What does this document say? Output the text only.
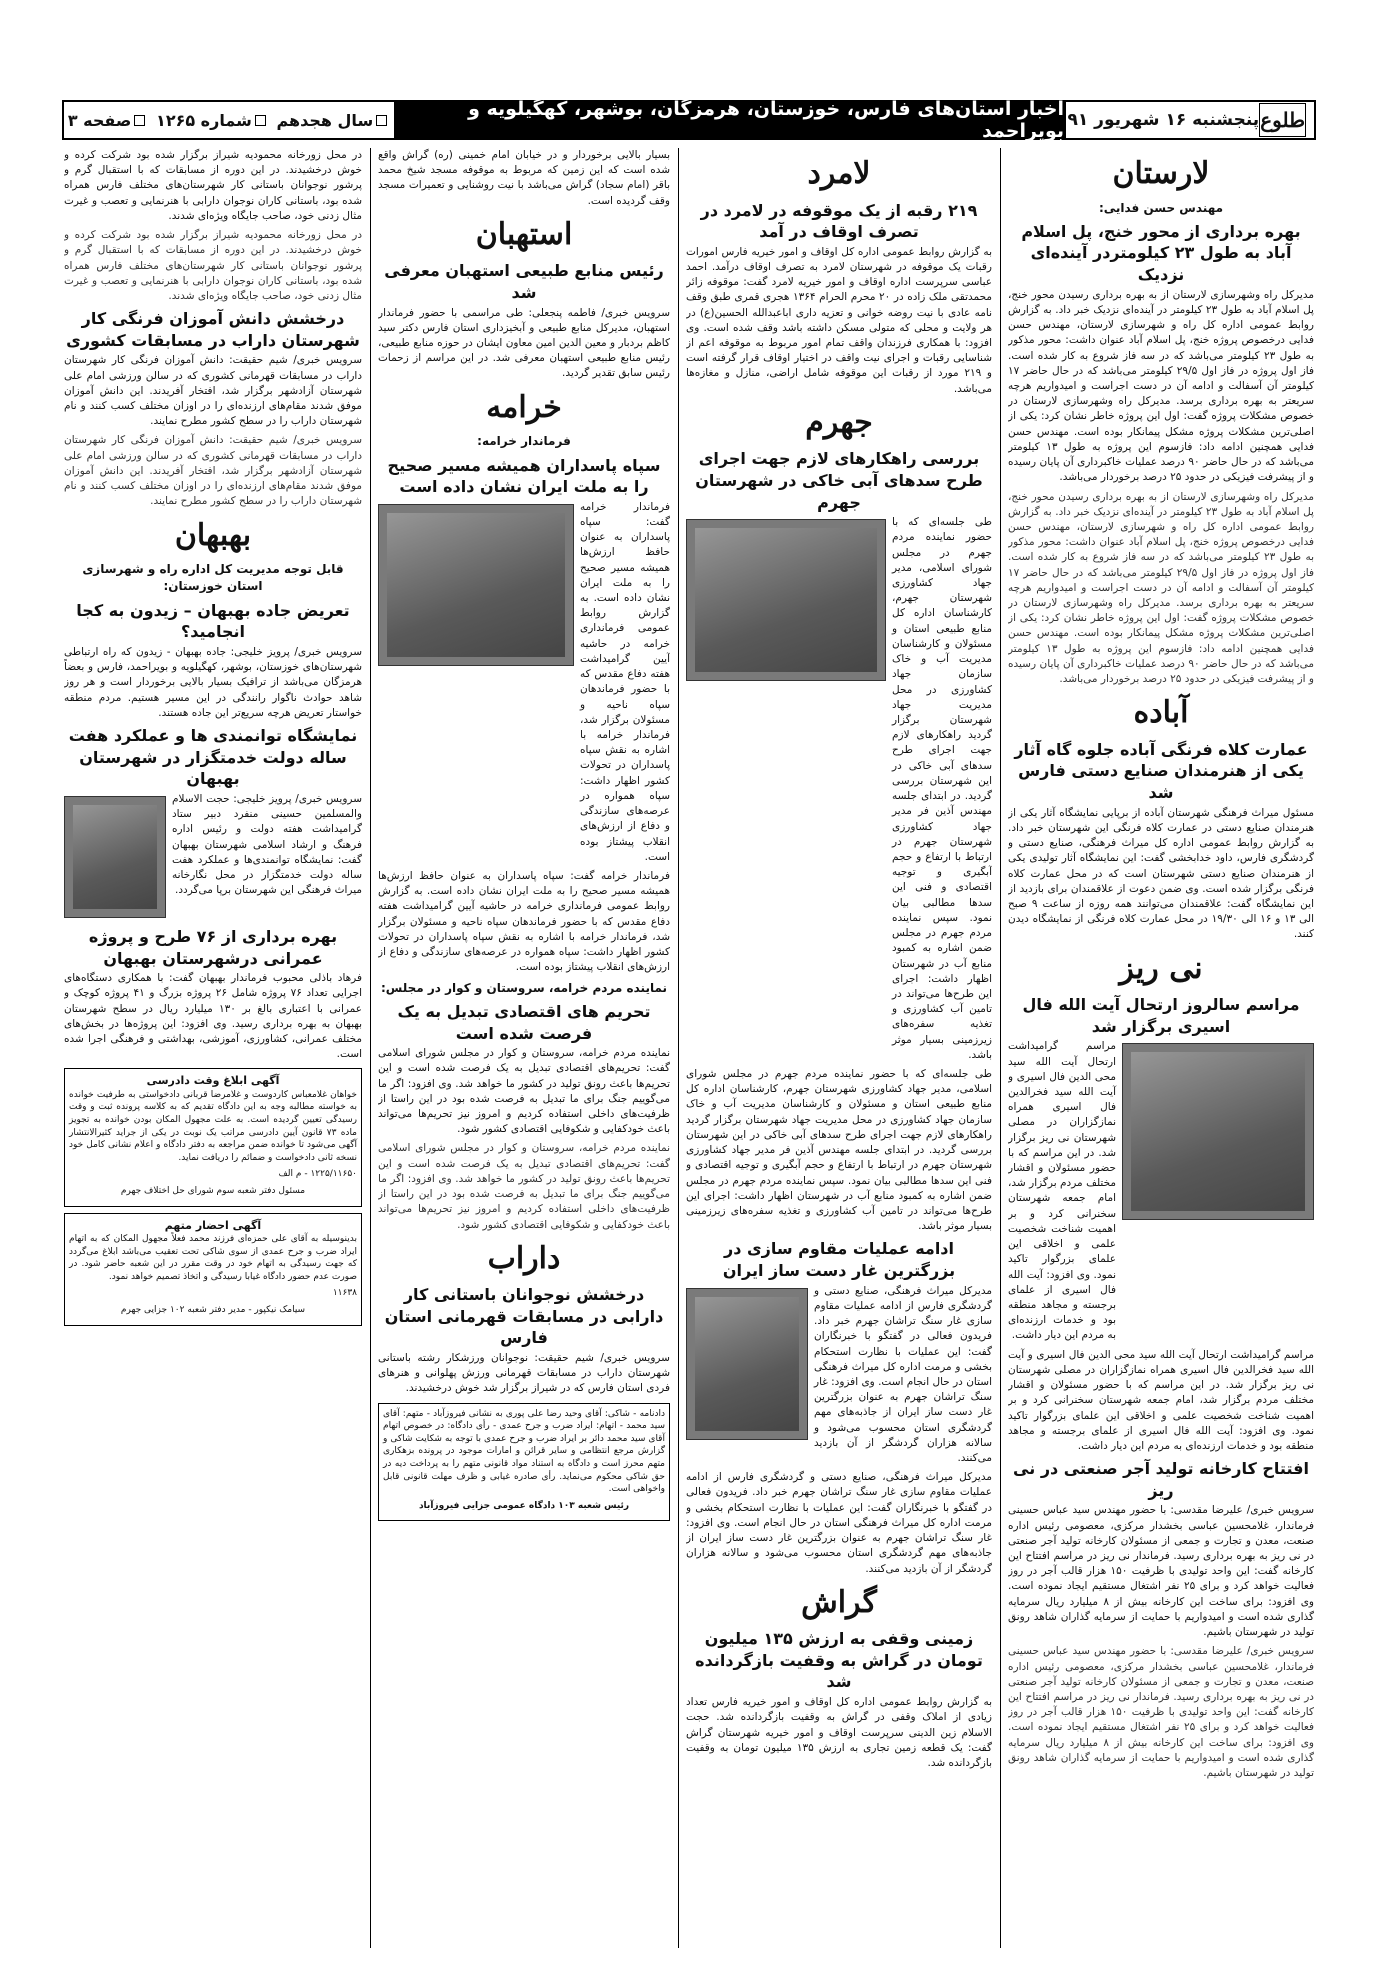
طلوع
پنجشنبه ۱۶ شهریور ۹۱
اخبار استان‌های فارس، خوزستان، هرمزگان، بوشهر، کهگیلویه و بویراحمد
سال هجدهم
شماره ۱۲۶۵
صفحه ۳
لارستان
مهندس حسن فدایی:
بهره برداری از محور خنج، پل اسلام آباد به طول ۲۳ کیلومتردر آینده‌ای نزدیک

مدیرکل راه وشهرسازی لارستان از به بهره برداری رسیدن محور خنج، پل اسلام آباد به طول ۲۳ کیلومتر در آینده‌ای نزدیک خبر داد. به گزارش روابط عمومی اداره کل راه و شهرسازی لارستان، مهندس حسن فدایی درخصوص پروژه خنج، پل اسلام آباد عنوان داشت: محور مذکور به طول ۲۳ کیلومتر می‌باشد که در سه فاز شروع به کار شده است. فاز اول پروژه در فاز اول ۲۹/۵ کیلومتر می‌باشد که در حال حاضر ۱۷ کیلومتر آن آسفالت و ادامه آن در دست اجراست و امیدواریم هرچه سریعتر به بهره برداری برسد. مدیرکل راه وشهرسازی لارستان در خصوص مشکلات پروژه گفت: اول این پروژه خاطر نشان کرد: یکی از اصلی‌ترین مشکلات پروژه مشکل پیمانکار بوده است. مهندس حسن فدایی همچنین ادامه داد: فازسوم این پروژه به طول ۱۳ کیلومتر می‌باشد که در حال حاضر ۹۰ درصد عملیات خاکبرداری آن پایان رسیده و از پیشرفت فیزیکی در حدود ۲۵ درصد برخوردار می‌باشد.

مدیرکل راه وشهرسازی لارستان از به بهره برداری رسیدن محور خنج، پل اسلام آباد به طول ۲۳ کیلومتر در آینده‌ای نزدیک خبر داد. به گزارش روابط عمومی اداره کل راه و شهرسازی لارستان، مهندس حسن فدایی درخصوص پروژه خنج، پل اسلام آباد عنوان داشت: محور مذکور به طول ۲۳ کیلومتر می‌باشد که در سه فاز شروع به کار شده است. فاز اول پروژه در فاز اول ۲۹/۵ کیلومتر می‌باشد که در حال حاضر ۱۷ کیلومتر آن آسفالت و ادامه آن در دست اجراست و امیدواریم هرچه سریعتر به بهره برداری برسد. مدیرکل راه وشهرسازی لارستان در خصوص مشکلات پروژه گفت: اول این پروژه خاطر نشان کرد: یکی از اصلی‌ترین مشکلات پروژه مشکل پیمانکار بوده است. مهندس حسن فدایی همچنین ادامه داد: فازسوم این پروژه به طول ۱۳ کیلومتر می‌باشد که در حال حاضر ۹۰ درصد عملیات خاکبرداری آن پایان رسیده و از پیشرفت فیزیکی در حدود ۲۵ درصد برخوردار می‌باشد.

آباده
عمارت کلاه فرنگی آباده جلوه گاه آثار یکی از هنرمندان صنایع دستی فارس شد

مسئول میراث فرهنگی شهرستان آباده از برپایی نمایشگاه آثار یکی از هنرمندان صنایع دستی در عمارت کلاه فرنگی این شهرستان خبر داد. به گزارش روابط عمومی اداره کل میراث فرهنگی، صنایع دستی و گردشگری فارس، داود خدابخشی گفت: این نمایشگاه آثار تولیدی یکی از هنرمندان صنایع دستی شهرستان است که در محل عمارت کلاه فرنگی برگزار شده است. وی ضمن دعوت از علاقمندان برای بازدید از این نمایشگاه گفت: علاقمندان می‌توانند همه روزه از ساعت ۹ صبح الی ۱۳ و ۱۶ الی ۱۹/۳۰ در محل عمارت کلاه فرنگی از نمایشگاه دیدن کنند.

نی ریز
مراسم سالروز ارتحال آیت الله فال اسیری برگزار شد

مراسم گرامیداشت ارتحال آیت الله سید محی الدین فال اسیری و آیت الله سید فخرالدین فال اسیری همراه نمازگزاران در مصلی شهرستان نی ریز برگزار شد. در این مراسم که با حضور مسئولان و اقشار مختلف مردم برگزار شد، امام جمعه شهرستان سخنرانی کرد و بر اهمیت شناخت شخصیت علمی و اخلاقی این علمای بزرگوار تاکید نمود. وی افزود: آیت الله فال اسیری از علمای برجسته و مجاهد منطقه بود و خدمات ارزنده‌ای به مردم این دیار داشت.

مراسم گرامیداشت ارتحال آیت الله سید محی الدین فال اسیری و آیت الله سید فخرالدین فال اسیری همراه نمازگزاران در مصلی شهرستان نی ریز برگزار شد. در این مراسم که با حضور مسئولان و اقشار مختلف مردم برگزار شد، امام جمعه شهرستان سخنرانی کرد و بر اهمیت شناخت شخصیت علمی و اخلاقی این علمای بزرگوار تاکید نمود. وی افزود: آیت الله فال اسیری از علمای برجسته و مجاهد منطقه بود و خدمات ارزنده‌ای به مردم این دیار داشت.

افتتاح کارخانه تولید آجر صنعتی در نی ریز

سرویس خبری/ علیرضا مقدسی: با حضور مهندس سید عباس حسینی فرماندار، غلامحسین عباسی بخشدار مرکزی، معصومی رئیس اداره صنعت، معدن و تجارت و جمعی از مسئولان کارخانه تولید آجر صنعتی در نی ریز به بهره برداری رسید. فرماندار نی ریز در مراسم افتتاح این کارخانه گفت: این واحد تولیدی با ظرفیت ۱۵۰ هزار قالب آجر در روز فعالیت خواهد کرد و برای ۲۵ نفر اشتغال مستقیم ایجاد نموده است. وی افزود: برای ساخت این کارخانه بیش از ۸ میلیارد ریال سرمایه گذاری شده است و امیدواریم با حمایت از سرمایه گذاران شاهد رونق تولید در شهرستان باشیم.

سرویس خبری/ علیرضا مقدسی: با حضور مهندس سید عباس حسینی فرماندار، غلامحسین عباسی بخشدار مرکزی، معصومی رئیس اداره صنعت، معدن و تجارت و جمعی از مسئولان کارخانه تولید آجر صنعتی در نی ریز به بهره برداری رسید. فرماندار نی ریز در مراسم افتتاح این کارخانه گفت: این واحد تولیدی با ظرفیت ۱۵۰ هزار قالب آجر در روز فعالیت خواهد کرد و برای ۲۵ نفر اشتغال مستقیم ایجاد نموده است. وی افزود: برای ساخت این کارخانه بیش از ۸ میلیارد ریال سرمایه گذاری شده است و امیدواریم با حمایت از سرمایه گذاران شاهد رونق تولید در شهرستان باشیم.

لامرد
۲۱۹ رقبه از یک موقوفه در لامرد در تصرف اوقاف در آمد

به گزارش روابط عمومی اداره کل اوقاف و امور خیریه فارس امورات رقبات یک موقوفه در شهرستان لامرد به تصرف اوقاف درآمد. احمد عباسی سرپرست اداره اوقاف و امور خیریه لامرد گفت: موقوفه زائر محمدتقی ملک زاده در ۲۰ محرم الحرام ۱۳۶۴ هجری قمری طبق وقف نامه عادی با نیت روضه خوانی و تعزیه داری اباعبدالله الحسین(ع) در هر ولایت و محلی که متولی مسکن داشته باشد وقف شده است. وی افزود: با همکاری فرزندان واقف تمام امور مربوط به موقوفه اعم از شناسایی رقبات و اجرای نیت واقف در اختیار اوقاف قرار گرفته است و ۲۱۹ مورد از رقبات این موقوفه شامل اراضی، منازل و مغازه‌ها می‌باشد.

جهرم
بررسی راهکارهای لازم جهت اجرای طرح سدهای آبی خاکی در شهرستان جهرم

طی جلسه‌ای که با حضور نماینده مردم جهرم در مجلس شورای اسلامی، مدیر جهاد کشاورزی شهرستان جهرم، کارشناسان اداره کل منابع طبیعی استان و مسئولان و کارشناسان مدیریت آب و خاک سازمان جهاد کشاورزی در محل مدیریت جهاد شهرستان برگزار گردید راهکارهای لازم جهت اجرای طرح سدهای آبی خاکی در این شهرستان بررسی گردید. در ابتدای جلسه مهندس آذین فر مدیر جهاد کشاورزی شهرستان جهرم در ارتباط با ارتفاع و حجم آبگیری و توجیه اقتصادی و فنی این سدها مطالبی بیان نمود. سپس نماینده مردم جهرم در مجلس ضمن اشاره به کمبود منابع آب در شهرستان اظهار داشت: اجرای این طرح‌ها می‌تواند در تامین آب کشاورزی و تغذیه سفره‌های زیرزمینی بسیار موثر باشد.

طی جلسه‌ای که با حضور نماینده مردم جهرم در مجلس شورای اسلامی، مدیر جهاد کشاورزی شهرستان جهرم، کارشناسان اداره کل منابع طبیعی استان و مسئولان و کارشناسان مدیریت آب و خاک سازمان جهاد کشاورزی در محل مدیریت جهاد شهرستان برگزار گردید راهکارهای لازم جهت اجرای طرح سدهای آبی خاکی در این شهرستان بررسی گردید. در ابتدای جلسه مهندس آذین فر مدیر جهاد کشاورزی شهرستان جهرم در ارتباط با ارتفاع و حجم آبگیری و توجیه اقتصادی و فنی این سدها مطالبی بیان نمود. سپس نماینده مردم جهرم در مجلس ضمن اشاره به کمبود منابع آب در شهرستان اظهار داشت: اجرای این طرح‌ها می‌تواند در تامین آب کشاورزی و تغذیه سفره‌های زیرزمینی بسیار موثر باشد.

ادامه عملیات مقاوم سازی در بزرگترین غار دست ساز ایران

مدیرکل میراث فرهنگی، صنایع دستی و گردشگری فارس از ادامه عملیات مقاوم سازی غار سنگ تراشان جهرم خبر داد. فریدون فعالی در گفتگو با خبرنگاران گفت: این عملیات با نظارت استحکام بخشی و مرمت اداره کل میراث فرهنگی استان در حال انجام است. وی افزود: غار سنگ تراشان جهرم به عنوان بزرگترین غار دست ساز ایران از جاذبه‌های مهم گردشگری استان محسوب می‌شود و سالانه هزاران گردشگر از آن بازدید می‌کنند.

مدیرکل میراث فرهنگی، صنایع دستی و گردشگری فارس از ادامه عملیات مقاوم سازی غار سنگ تراشان جهرم خبر داد. فریدون فعالی در گفتگو با خبرنگاران گفت: این عملیات با نظارت استحکام بخشی و مرمت اداره کل میراث فرهنگی استان در حال انجام است. وی افزود: غار سنگ تراشان جهرم به عنوان بزرگترین غار دست ساز ایران از جاذبه‌های مهم گردشگری استان محسوب می‌شود و سالانه هزاران گردشگر از آن بازدید می‌کنند.

گراش
زمینی وقفی به ارزش ۱۳۵ میلیون تومان در گراش به وقفیت بازگردانده شد

به گزارش روابط عمومی اداره کل اوقاف و امور خیریه فارس تعداد زیادی از املاک وقفی در گراش به وقفیت بازگردانده شد. حجت الاسلام زین الدینی سرپرست اوقاف و امور خیریه شهرستان گراش گفت: یک قطعه زمین تجاری به ارزش ۱۳۵ میلیون تومان به وقفیت بازگردانده شد.

بسیار بالایی برخوردار و در خیابان امام خمینی (ره) گراش واقع شده است که این زمین که مربوط به موقوفه مسجد شیخ محمد باقر (امام سجاد) گراش می‌باشد با نیت روشنایی و تعمیرات مسجد وقف گردیده است.

استهبان
رئیس منابع طبیعی استهبان معرفی شد

سرویس خبری/ فاطمه پنجعلی: طی مراسمی با حضور فرماندار استهبان، مدیرکل منابع طبیعی و آبخیزداری استان فارس دکتر سید کاظم بردبار و معین الدین امین معاون ایشان در حوزه منابع طبیعی، رئیس منابع طبیعی استهبان معرفی شد. در این مراسم از زحمات رئیس سابق تقدیر گردید.

خرامه
فرماندار خرامه:
سپاه پاسداران همیشه مسیر صحیح را به ملت ایران نشان داده است

فرماندار خرامه گفت: سپاه پاسداران به عنوان حافظ ارزش‌ها همیشه مسیر صحیح را به ملت ایران نشان داده است. به گزارش روابط عمومی فرمانداری خرامه در حاشیه آیین گرامیداشت هفته دفاع مقدس که با حضور فرماندهان سپاه ناحیه و مسئولان برگزار شد، فرماندار خرامه با اشاره به نقش سپاه پاسداران در تحولات کشور اظهار داشت: سپاه همواره در عرصه‌های سازندگی و دفاع از ارزش‌های انقلاب پیشتاز بوده است.

فرماندار خرامه گفت: سپاه پاسداران به عنوان حافظ ارزش‌ها همیشه مسیر صحیح را به ملت ایران نشان داده است. به گزارش روابط عمومی فرمانداری خرامه در حاشیه آیین گرامیداشت هفته دفاع مقدس که با حضور فرماندهان سپاه ناحیه و مسئولان برگزار شد، فرماندار خرامه با اشاره به نقش سپاه پاسداران در تحولات کشور اظهار داشت: سپاه همواره در عرصه‌های سازندگی و دفاع از ارزش‌های انقلاب پیشتاز بوده است.

نماینده مردم خرامه، سروستان و کوار در مجلس:
تحریم های اقتصادی تبدیل به یک فرصت شده است

نماینده مردم خرامه، سروستان و کوار در مجلس شورای اسلامی گفت: تحریم‌های اقتصادی تبدیل به یک فرصت شده است و این تحریم‌ها باعث رونق تولید در کشور ما خواهد شد. وی افزود: اگر ما می‌گوییم جنگ برای ما تبدیل به فرصت شده بود در این راستا از ظرفیت‌های داخلی استفاده کردیم و امروز نیز تحریم‌ها می‌تواند باعث خودکفایی و شکوفایی اقتصادی کشور شود.

نماینده مردم خرامه، سروستان و کوار در مجلس شورای اسلامی گفت: تحریم‌های اقتصادی تبدیل به یک فرصت شده است و این تحریم‌ها باعث رونق تولید در کشور ما خواهد شد. وی افزود: اگر ما می‌گوییم جنگ برای ما تبدیل به فرصت شده بود در این راستا از ظرفیت‌های داخلی استفاده کردیم و امروز نیز تحریم‌ها می‌تواند باعث خودکفایی و شکوفایی اقتصادی کشور شود.

داراب
درخشش نوجوانان باستانی کار دارابی در مسابقات قهرمانی استان فارس

سرویس خبری/ شیم حقیقت: نوجوانان ورزشکار رشته باستانی شهرستان داراب در مسابقات قهرمانی ورزش پهلوانی و هنرهای فردی استان فارس که در شیراز برگزار شد خوش درخشیدند.

دادنامه - شاکی: آقای وحید رضا علی پوری به نشانی فیروزآباد - متهم: آقای سید محمد - اتهام: ایراد ضرب و جرح عمدی - رأی دادگاه: در خصوص اتهام آقای سید محمد دائر بر ایراد ضرب و جرح عمدی با توجه به شکایت شاکی و گزارش مرجع انتظامی و سایر قرائن و امارات موجود در پرونده بزهکاری متهم محرز است و دادگاه به استناد مواد قانونی متهم را به پرداخت دیه در حق شاکی محکوم می‌نماید. رأی صادره غیابی و ظرف مهلت قانونی قابل واخواهی است.

رئیس شعبه ۱۰۳ دادگاه عمومی جزایی فیروزآباد

در محل زورخانه محمودیه شیراز برگزار شده بود شرکت کرده و خوش درخشیدند. در این دوره از مسابقات که با استقبال گرم و پرشور نوجوانان باستانی کار شهرستان‌های مختلف فارس همراه شده بود، باستانی کاران نوجوان دارابی با هنرنمایی و تعصب و غیرت مثال زدنی خود، صاحب جایگاه ویژه‌ای شدند.

در محل زورخانه محمودیه شیراز برگزار شده بود شرکت کرده و خوش درخشیدند. در این دوره از مسابقات که با استقبال گرم و پرشور نوجوانان باستانی کار شهرستان‌های مختلف فارس همراه شده بود، باستانی کاران نوجوان دارابی با هنرنمایی و تعصب و غیرت مثال زدنی خود، صاحب جایگاه ویژه‌ای شدند.

درخشش دانش آموزان فرنگی کار شهرستان داراب در مسابقات کشوری

سرویس خبری/ شیم حقیقت: دانش آموزان فرنگی کار شهرستان داراب در مسابقات قهرمانی کشوری که در سالن ورزشی امام علی شهرستان آزادشهر برگزار شد، افتخار آفریدند. این دانش آموزان موفق شدند مقام‌های ارزنده‌ای را در اوزان مختلف کسب کنند و نام شهرستان داراب را در سطح کشور مطرح نمایند.

سرویس خبری/ شیم حقیقت: دانش آموزان فرنگی کار شهرستان داراب در مسابقات قهرمانی کشوری که در سالن ورزشی امام علی شهرستان آزادشهر برگزار شد، افتخار آفریدند. این دانش آموزان موفق شدند مقام‌های ارزنده‌ای را در اوزان مختلف کسب کنند و نام شهرستان داراب را در سطح کشور مطرح نمایند.

بهبهان
قابل توجه مدیریت کل اداره راه و شهرسازی استان خوزستان:
تعریض جاده بهبهان – زیدون به کجا انجامید؟

سرویس خبری/ پرویز خلیجی: جاده بهبهان - زیدون که راه ارتباطی شهرستان‌های خوزستان، بوشهر، کهگیلویه و بویراحمد، فارس و بعضاً هرمزگان می‌باشد از ترافیک بسیار بالایی برخوردار است و هر روز شاهد حوادث ناگوار رانندگی در این مسیر هستیم. مردم منطقه خواستار تعریض هرچه سریع‌تر این جاده هستند.

نمایشگاه توانمندی ها و عملکرد هفت ساله دولت خدمتگزار در شهرستان بهبهان

سرویس خبری/ پرویز خلیجی: حجت الاسلام والمسلمین حسینی منفرد دبیر ستاد گرامیداشت هفته دولت و رئیس اداره فرهنگ و ارشاد اسلامی شهرستان بهبهان گفت: نمایشگاه توانمندی‌ها و عملکرد هفت ساله دولت خدمتگزار در محل نگارخانه میراث فرهنگی این شهرستان برپا می‌گردد.

بهره برداری از ۷۶ طرح و پروژه عمرانی درشهرستان بهبهان

فرهاد باذلی محبوب فرماندار بهبهان گفت: با همکاری دستگاه‌های اجرایی تعداد ۷۶ پروژه شامل ۲۶ پروژه بزرگ و ۴۱ پروژه کوچک و عمرانی با اعتباری بالغ بر ۱۳۰ میلیارد ریال در سطح شهرستان بهبهان به بهره برداری رسید. وی افزود: این پروژه‌ها در بخش‌های مختلف عمرانی، کشاورزی، آموزشی، بهداشتی و فرهنگی اجرا شده است.

آگهی ابلاغ وقت دادرسی

خواهان غلامعباس کاردوست و غلامرضا قربانی دادخواستی به طرفیت خوانده به خواسته مطالبه وجه به این دادگاه تقدیم که به کلاسه پرونده ثبت و وقت رسیدگی تعیین گردیده است. به علت مجهول المکان بودن خوانده به تجویز ماده ۷۳ قانون آیین دادرسی مراتب یک نوبت در یکی از جراید کثیرالانتشار آگهی می‌شود تا خوانده ضمن مراجعه به دفتر دادگاه و اعلام نشانی کامل خود نسخه ثانی دادخواست و ضمائم را دریافت نماید.

۱۲۲۵/۱۱۶۵۰ - م الف

مسئول دفتر شعبه سوم شورای حل اختلاف جهرم

آگهی احضار متهم

بدینوسیله به آقای علی حمزه‌ای فرزند محمد فعلاً مجهول المکان که به اتهام ایراد ضرب و جرح عمدی از سوی شاکی تحت تعقیب می‌باشد ابلاغ می‌گردد که جهت رسیدگی به اتهام خود در وقت مقرر در این شعبه حاضر شود. در صورت عدم حضور دادگاه غیابا رسیدگی و اتخاذ تصمیم خواهد نمود.

۱۱۶۳۸

سیامک نیکپور - مدیر دفتر شعبه ۱۰۲ جزایی جهرم
